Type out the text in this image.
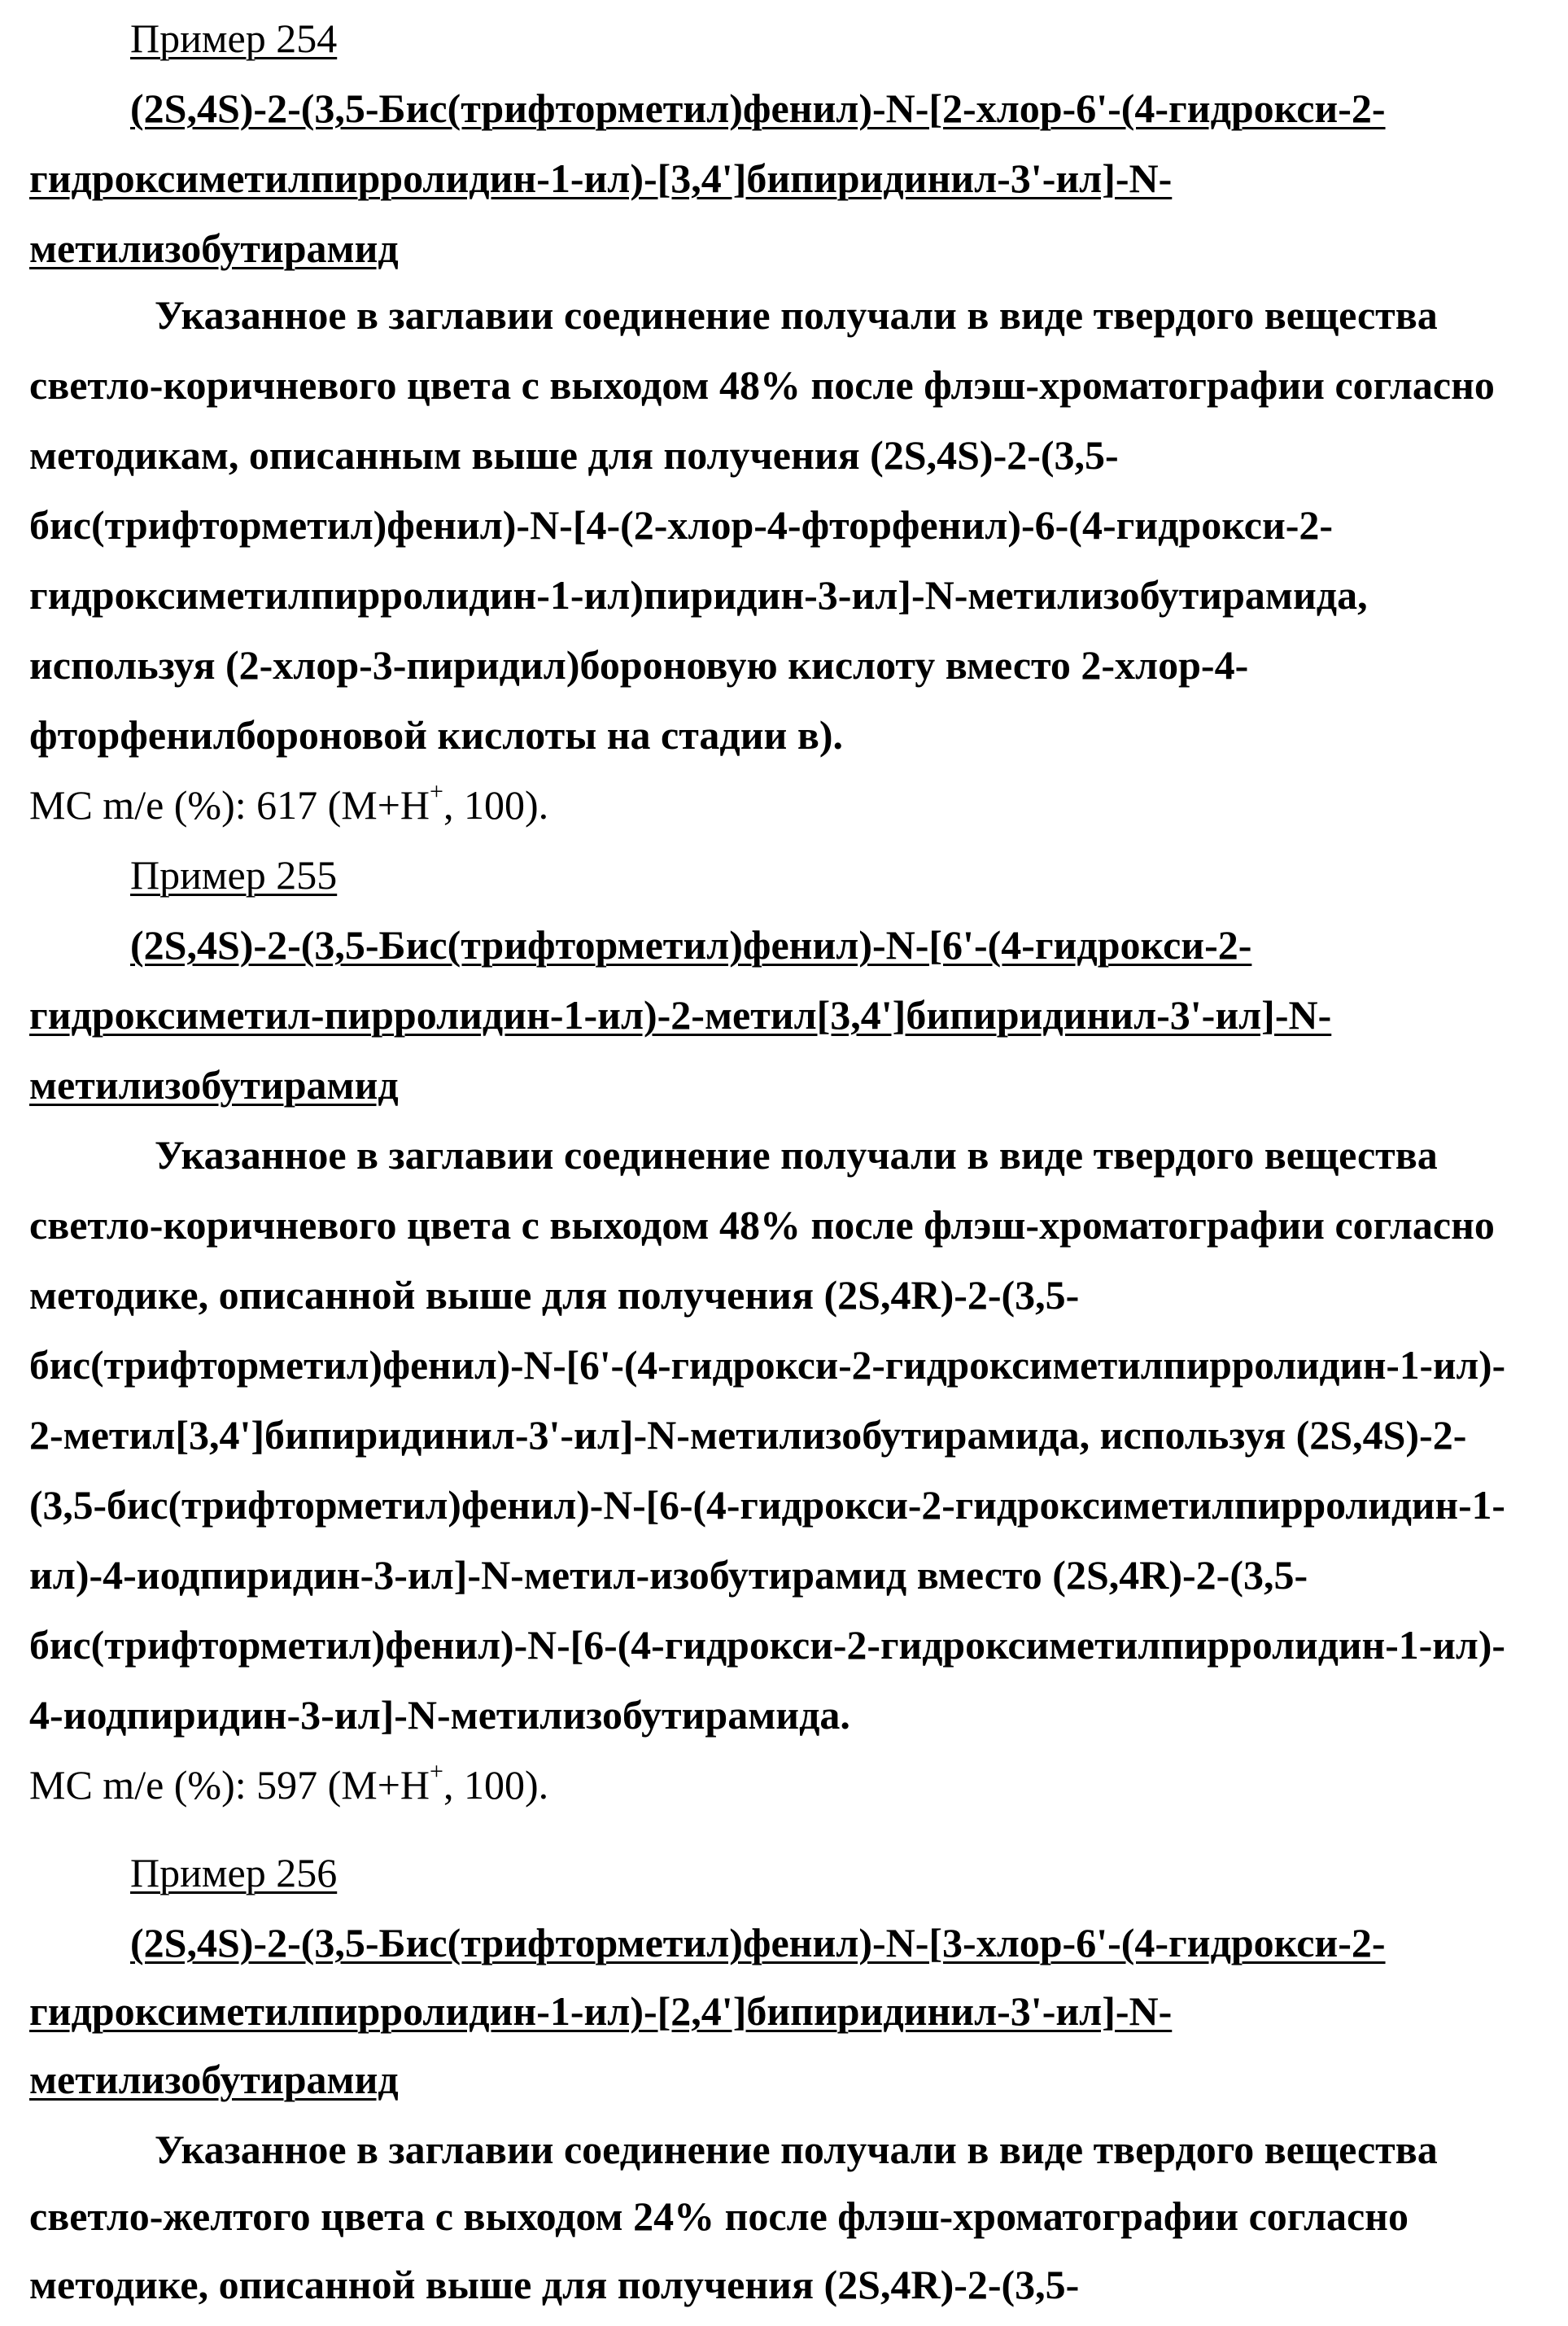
Пример 254
(2S,4S)-2-(3,5-Бис(трифторметил)фенил)-N-[2-хлор-6'-(4-гидрокси-2-
гидроксиметилпирролидин-1-ил)-[3,4']бипиридинил-3'-ил]-N-
метилизобутирамид
Указанное в заглавии соединение получали в виде твердого вещества
светло-коричневого цвета с выходом 48% после флэш-хроматографии согласно
методикам, описанным выше для получения (2S,4S)-2-(3,5-
бис(трифторметил)фенил)-N-[4-(2-хлор-4-фторфенил)-6-(4-гидрокси-2-
гидроксиметилпирролидин-1-ил)пиридин-3-ил]-N-метилизобутирамида,
используя (2-хлор-3-пиридил)бороновую кислоту вместо 2-хлор-4-
фторфенилбороновой кислоты на стадии в).
МС m/e (%): 617 (M+H+, 100).
Пример 255
(2S,4S)-2-(3,5-Бис(трифторметил)фенил)-N-[6'-(4-гидрокси-2-
гидроксиметил-пирролидин-1-ил)-2-метил[3,4']бипиридинил-3'-ил]-N-
метилизобутирамид
Указанное в заглавии соединение получали в виде твердого вещества
светло-коричневого цвета с выходом 48% после флэш-хроматографии согласно
методике, описанной выше для получения (2S,4R)-2-(3,5-
бис(трифторметил)фенил)-N-[6'-(4-гидрокси-2-гидроксиметилпирролидин-1-ил)-
2-метил[3,4']бипиридинил-3'-ил]-N-метилизобутирамида, используя (2S,4S)-2-
(3,5-бис(трифторметил)фенил)-N-[6-(4-гидрокси-2-гидроксиметилпирролидин-1-
ил)-4-иодпиридин-3-ил]-N-метил-изобутирамид вместо (2S,4R)-2-(3,5-
бис(трифторметил)фенил)-N-[6-(4-гидрокси-2-гидроксиметилпирролидин-1-ил)-
4-иодпиридин-3-ил]-N-метилизобутирамида.
МС m/e (%): 597 (M+H+, 100).
Пример 256
(2S,4S)-2-(3,5-Бис(трифторметил)фенил)-N-[3-хлор-6'-(4-гидрокси-2-
гидроксиметилпирролидин-1-ил)-[2,4']бипиридинил-3'-ил]-N-
метилизобутирамид
Указанное в заглавии соединение получали в виде твердого вещества
светло-желтого цвета с выходом 24% после флэш-хроматографии согласно
методике, описанной выше для получения (2S,4R)-2-(3,5-
